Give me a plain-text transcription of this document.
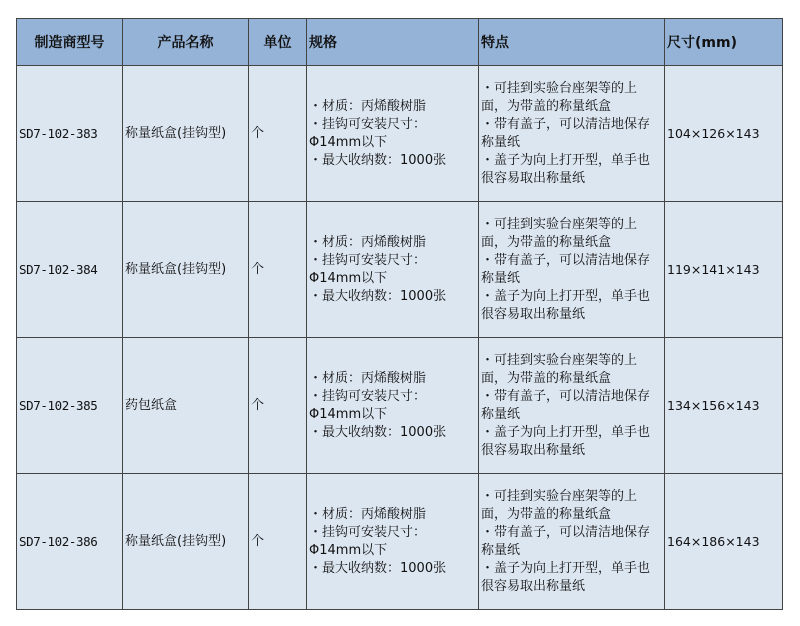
制造商型号	产品名称	单位	规格	特点	尺寸(mm)
SD7-102-383	称量纸盒(挂钩型)	个	・材质：丙烯酸树脂
・挂钩可安装尺寸：Φ14mm以下
・最大收纳数：1000张	・可挂到实验台座架等的上面，为带盖的称量纸盒
・带有盖子，可以清洁地保存称量纸
・盖子为向上打开型，单手也很容易取出称量纸	104×126×143
SD7-102-384	称量纸盒(挂钩型)	个	・材质：丙烯酸树脂
・挂钩可安装尺寸：Φ14mm以下
・最大收纳数：1000张	・可挂到实验台座架等的上面，为带盖的称量纸盒
・带有盖子，可以清洁地保存称量纸
・盖子为向上打开型，单手也很容易取出称量纸	119×141×143
SD7-102-385	药包纸盒	个	・材质：丙烯酸树脂
・挂钩可安装尺寸：Φ14mm以下
・最大收纳数：1000张	・可挂到实验台座架等的上面，为带盖的称量纸盒
・带有盖子，可以清洁地保存称量纸
・盖子为向上打开型，单手也很容易取出称量纸	134×156×143
SD7-102-386	称量纸盒(挂钩型)	个	・材质：丙烯酸树脂
・挂钩可安装尺寸：Φ14mm以下
・最大收纳数：1000张	・可挂到实验台座架等的上面，为带盖的称量纸盒
・带有盖子，可以清洁地保存称量纸
・盖子为向上打开型，单手也很容易取出称量纸	164×186×143
